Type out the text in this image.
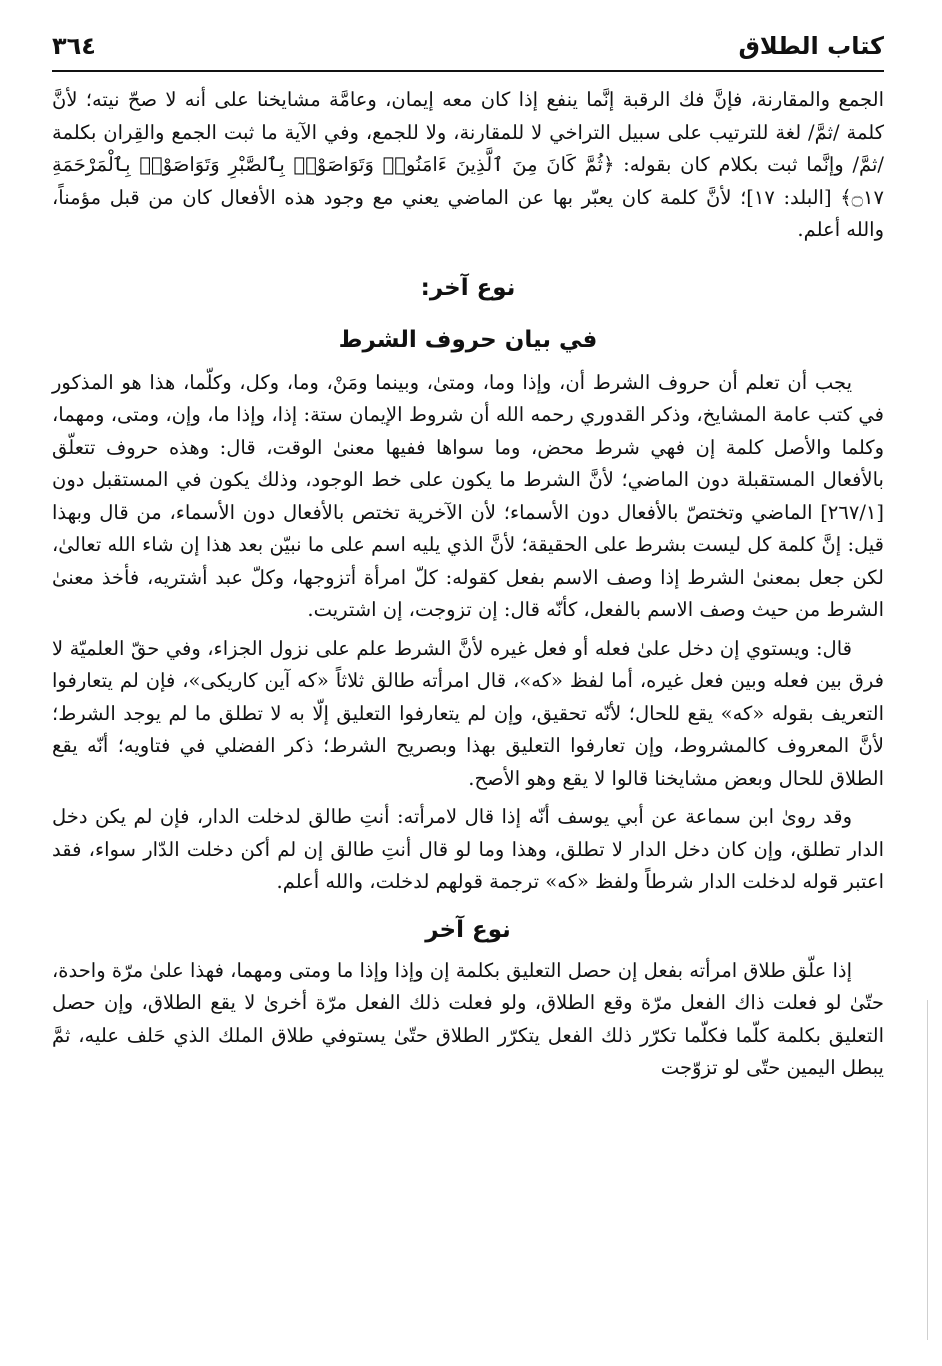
كتاب الطلاق
٣٦٤

الجمع والمقارنة، فإنَّ فك الرقبة إنَّما ينفع إذا كان معه إيمان، وعامَّة مشايخنا على أنه لا صحّ نيته؛ لأنَّ كلمة /ثمَّ/ لغة للترتيب على سبيل التراخي لا للمقارنة، ولا للجمع، وفي الآية ما ثبت الجمع والقِران بكلمة /ثمَّ/ وإنَّما ثبت بكلام كان بقوله: ﴿ثُمَّ كَانَ مِنَ ٱلَّذِينَ ءَامَنُوا۟ وَتَوَاصَوْا۟ بِٱلصَّبْرِ وَتَوَاصَوْا۟ بِٱلْمَرْحَمَةِ ۝١٧﴾ [البلد: ١٧]؛ لأنَّ كلمة كان يعبّر بها عن الماضي يعني مع وجود هذه الأفعال كان من قبل مؤمناً، والله أعلم.

نوع آخر:

في بيان حروف الشرط

يجب أن تعلم أن حروف الشرط أن، وإذا وما، ومتىٰ، وبينما ومَنْ، وما، وكل، وكلّما، هذا هو المذكور في كتب عامة المشايخ، وذكر القدوري رحمه الله أن شروط الإيمان ستة: إذا، وإذا ما، وإن، ومتى، ومهما، وكلما والأصل كلمة إن فهي شرط محض، وما سواها ففيها معنىٰ الوقت، قال: وهذه حروف تتعلّق بالأفعال المستقبلة دون الماضي؛ لأنَّ الشرط ما يكون على خط الوجود، وذلك يكون في المستقبل دون [٢٦٧/١] الماضي وتختصّ بالأفعال دون الأسماء؛ لأن الآخرية تختص بالأفعال دون الأسماء، من قال وبهذا قيل: إنَّ كلمة كل ليست بشرط على الحقيقة؛ لأنَّ الذي يليه اسم على ما نبيّن بعد هذا إن شاء الله تعالىٰ، لكن جعل بمعنىٰ الشرط إذا وصف الاسم بفعل كقوله: كلّ امرأة أتزوجها، وكلّ عبد أشتريه، فأخذ معنىٰ الشرط من حيث وصف الاسم بالفعل، كأنّه قال: إن تزوجت، إن اشتريت.

قال: ويستوي إن دخل علىٰ فعله أو فعل غيره لأنَّ الشرط علم على نزول الجزاء، وفي حقّ العلميّة لا فرق بين فعله وبين فعل غيره، أما لفظ «كه»، قال امرأته طالق ثلاثاً «كه آين كاريكى»، فإن لم يتعارفوا التعريف بقوله «كه» يقع للحال؛ لأنّه تحقيق، وإن لم يتعارفوا التعليق إلّا به لا تطلق ما لم يوجد الشرط؛ لأنَّ المعروف كالمشروط، وإن تعارفوا التعليق بهذا وبصريح الشرط؛ ذكر الفضلي في فتاويه؛ أنّه يقع الطلاق للحال وبعض مشايخنا قالوا لا يقع وهو الأصح.

وقد روىٰ ابن سماعة عن أبي يوسف أنّه إذا قال لامرأته: أنتِ طالق لدخلت الدار، فإن لم يكن دخل الدار تطلق، وإن كان دخل الدار لا تطلق، وهذا وما لو قال أنتِ طالق إن لم أكن دخلت الدّار سواء، فقد اعتبر قوله لدخلت الدار شرطاً ولفظ «كه» ترجمة قولهم لدخلت، والله أعلم.

نوع آخر

إذا علّق طلاق امرأته بفعل إن حصل التعليق بكلمة إن وإذا وإذا ما ومتى ومهما، فهذا علىٰ مرّة واحدة، حتّىٰ لو فعلت ذاك الفعل مرّة وقع الطلاق، ولو فعلت ذلك الفعل مرّة أخرىٰ لا يقع الطلاق، وإن حصل التعليق بكلمة كلّما فكلّما تكرّر ذلك الفعل يتكرّر الطلاق حتّىٰ يستوفي طلاق الملك الذي حَلف عليه، ثمَّ يبطل اليمين حتّى لو تزوّجت
